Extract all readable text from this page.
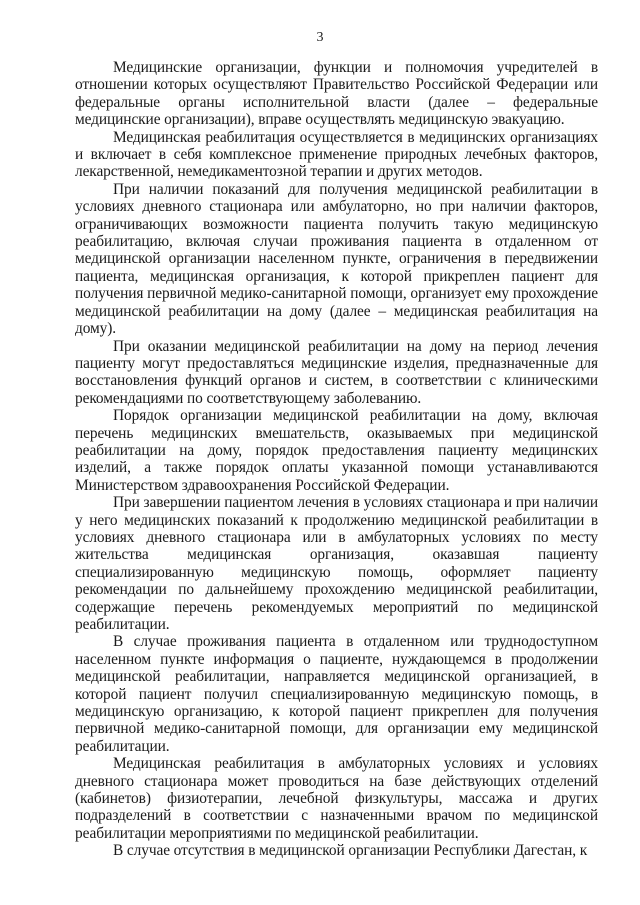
3

Медицинские организации, функции и полномочия учредителей в отношении которых осуществляют Правительство Российской Федерации или федеральные органы исполнительной власти (далее – федеральные медицинские организации), вправе осуществлять медицинскую эвакуацию.

Медицинская реабилитация осуществляется в медицинских организациях и включает в себя комплексное применение природных лечебных факторов, лекарственной, немедикаментозной терапии и других методов.

При наличии показаний для получения медицинской реабилитации в условиях дневного стационара или амбулаторно, но при наличии факторов, ограничивающих возможности пациента получить такую медицинскую реабилитацию, включая случаи проживания пациента в отдаленном от медицинской организации населенном пункте, ограничения в передвижении пациента, медицинская организация, к которой прикреплен пациент для получения первичной медико-санитарной помощи, организует ему прохождение медицинской реабилитации на дому (далее – медицинская реабилитация на дому).

При оказании медицинской реабилитации на дому на период лечения пациенту могут предоставляться медицинские изделия, предназначенные для восстановления функций органов и систем, в соответствии с клиническими рекомендациями по соответствующему заболеванию.

Порядок организации медицинской реабилитации на дому, включая перечень медицинских вмешательств, оказываемых при медицинской реабилитации на дому, порядок предоставления пациенту медицинских изделий, а также порядок оплаты указанной помощи устанавливаются Министерством здравоохранения Российской Федерации.

При завершении пациентом лечения в условиях стационара и при наличии у него медицинских показаний к продолжению медицинской реабилитации в условиях дневного стационара или в амбулаторных условиях по месту жительства медицинская организация, оказавшая пациенту специализированную медицинскую помощь, оформляет пациенту рекомендации по дальнейшему прохождению медицинской реабилитации, содержащие перечень рекомендуемых мероприятий по медицинской реабилитации.

В случае проживания пациента в отдаленном или труднодоступном населенном пункте информация о пациенте, нуждающемся в продолжении медицинской реабилитации, направляется медицинской организацией, в которой пациент получил специализированную медицинскую помощь, в медицинскую организацию, к которой пациент прикреплен для получения первичной медико-санитарной помощи, для организации ему медицинской реабилитации.

Медицинская реабилитация в амбулаторных условиях и условиях дневного стационара может проводиться на базе действующих отделений (кабинетов) физиотерапии, лечебной физкультуры, массажа и других подразделений в соответствии с назначенными врачом по медицинской реабилитации мероприятиями по медицинской реабилитации.

В случае отсутствия в медицинской организации Республики Дагестан, к
